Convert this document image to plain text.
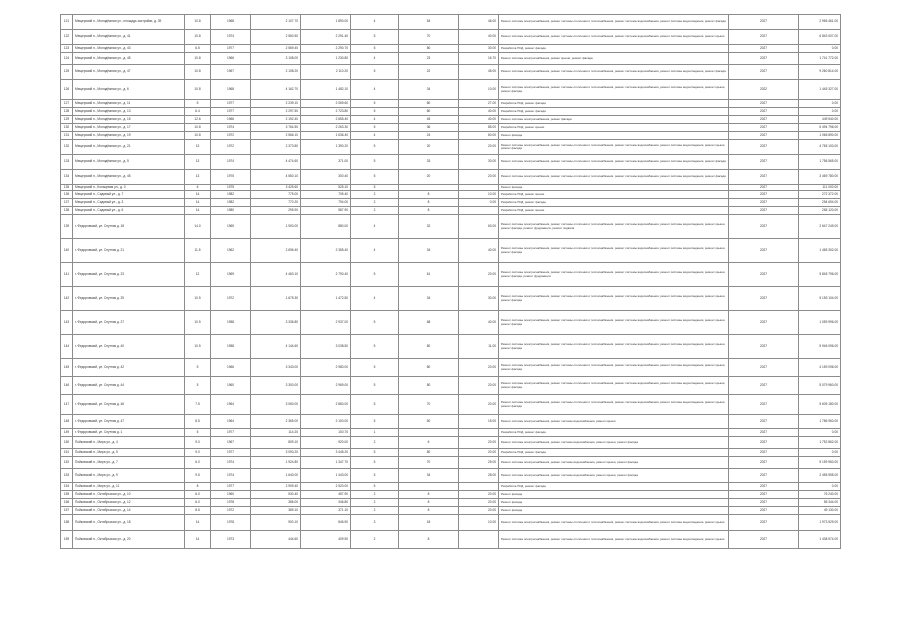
121	Мещерский п., Молодёжная ул., площадь застройки, д. 39	10.8	1968	2 107.70	1 890.00	4	54	46.00	Ремонт системы электроснабжения, ремонт системы отопления и теплоснабжения, ремонт системы водоснабжения, ремонт системы водоотведения, ремонт фасада	2027	2 965 461.00
122	Мещерский п., Молодёжная ул., д. 41	10.8	1974	2 560.50	2 291.40	5	70	40.00	Ремонт системы электроснабжения, ремонт системы отопления и теплоснабжения, ремонт системы водоснабжения, ремонт системы водоотведения, ремонт крыши	2027	6 843 007.00
123	Мещерский п., Молодёжная ул., д. 43	6.5	1977	2 569.40	2 290.70	5	80	30.00	Разработка ПСД, ремонт фасада	2027	0.00
124	Мещерский п., Молодёжная ул., д. 45	10.8	1966	3 108.00	1 230.80	4	23	16.70	Ремонт системы электроснабжения, ремонт крыши, ремонт фасада	2027	1 741 772.00
125	Мещерский п., Молодёжная ул., д. 47	10.8	1967	2 108.20	2 110.20	5	22	45.00	Ремонт системы электроснабжения, ремонт системы отопления и теплоснабжения, ремонт системы водоснабжения, ремонт системы водоотведения, ремонт фасада	2027	9 260 814.00
126	Мещерский п., Молодёжная ул., д. 6	10.8	1968	4 162.70	1 482.10	4	34	10.00	Ремонт системы электроснабжения, ремонт системы отопления и теплоснабжения, ремонт системы водоснабжения, ремонт системы водоотведения, ремонт крыши, ремонт фасада	2022	1 445 327.00
127	Мещерский п., Молодёжная ул., д. 11	5	1977	2 239.10	2 069.60	5	80	27.00	Разработка ПСД, ремонт фасада	2027	0.00
128	Мещерский п., Молодёжная ул., д. 13	6.4	1977	2 297.50	2 723.80	5	80	40.00	Разработка ПСД, ремонт фасада	2027	0.00
129	Мещерский п., Молодёжная ул., д. 15	12.6	1966	2 192.40	2 655.40	4	45	40.00	Ремонт системы электроснабжения, ремонт фасада	2027	449 540.00
130	Мещерский п., Молодёжная ул., д. 17	10.8	1974	3 764.50	2 263.30	5	36	85.00	Разработка ПСД, ремонт крыши	2027	6 494 796.00
131	Мещерский п., Молодёжная ул., д. 19	10.8	1972	2 566.10	1 636.40	4	24	60.00	Ремонт фасада	2027	1 066 890.00
132	Мещерский п., Молодёжная ул., д. 21	13	1972	2 373.80	1 390.20	5	20	20.00	Ремонт системы электроснабжения, ремонт системы отопления и теплоснабжения, ремонт системы водоснабжения, ремонт системы водоотведения, ремонт крыши, ремонт фасада	2027	4 765 100.00
133	Мещерский п., Молодёжная ул., д. 5	13	1974	4 474.60	371.00	5	33	30.00	Ремонт системы электроснабжения, ремонт системы отопления и теплоснабжения, ремонт системы водоснабжения, ремонт системы водоотведения, ремонт фасада	2027	1 756 565.00
134	Мещерский п., Молодёжная ул., д. 45	13	1975	4 560.10	300.40	5	20	20.00	Ремонт системы электроснабжения, ремонт системы отопления и теплоснабжения, ремонт системы водоснабжения, ремонт системы водоотведения, ремонт фасада	2027	3 469 780.00
135	Мещерский п., Кольцевая ул., д. 3	6	1975	3 425.60	525.10	5			Ремонт фасада	2027	111 000.00
136	Мещерский п., Садовый ул., д. 7	14	1982	775.00	705.40	2	8	10.00	Разработка ПСД, ремонт крыши	2027	272 372.00
137	Мещерский п., Садовый ул., д. 3	14	1982	770.20	794.00	2	8	0.00	Разработка ПСД, ремонт фасада	2027	254 694.00
138	Мещерский п., Садовый ул., д. 6	14	1980	295.90	587.90	2	8		Разработка ПСД, ремонт крыши	2027	265 120.00
139	г. Федоровский, ул. Спутник д. 18	14.0	1965	1 900.00	880.00	4	32	63.00	Ремонт системы электроснабжения, ремонт системы отопления и теплоснабжения, ремонт системы водоснабжения, ремонт системы водоотведения, ремонт крыши, ремонт фасада, ремонт фундамента, ремонт подвала	2027	2 647 249.00
140	г. Федоровский, ул. Спутник д. 21	11.5	1962	2 696.40	2 355.40	4	34	40.00	Ремонт системы электроснабжения, ремонт системы отопления и теплоснабжения, ремонт системы водоснабжения, ремонт системы водоотведения, ремонт крыши, ремонт фасада	2027	1 465 302.00
141	г. Федоровский, ул. Спутник д. 23	12	1969	4 463.10	2 790.40	5	61	20.00	Ремонт системы электроснабжения, ремонт системы отопления и теплоснабжения, ремонт системы водоснабжения, ремонт системы водоотведения, ремонт крыши, ремонт фасада, ремонт фундамента	2027	5 845 796.00
142	г. Федоровский, ул. Спутник д. 25	10.5	1972	1 675.30	1 472.50	4	34	30.00	Ремонт системы электроснабжения, ремонт системы отопления и теплоснабжения, ремонт системы водоснабжения, ремонт системы водоотведения, ремонт крыши, ремонт фасада	2027	5 159 104.00
143	г. Федоровский, ул. Спутник д. 27	10.5	1958	3 336.80	2 937.00	5	68	40.00	Ремонт системы электроснабжения, ремонт системы отопления и теплоснабжения, ремонт системы водоснабжения, ремонт системы водоотведения, ремонт крыши, ремонт фасада	2027	1 059 996.00
144	г. Федоровский, ул. Спутник д. 40	10.5	1958	4 144.60	3 038.50	5	80	11.00	Ремонт системы электроснабжения, ремонт системы отопления и теплоснабжения, ремонт системы водоснабжения, ремонт системы водоотведения, ремонт крыши, ремонт фасада	2027	5 946 096.00
145	г. Федоровский, ул. Спутник д. 42	5	1966	3 343.00	2 980.00	5	80	20.00	Ремонт системы электроснабжения, ремонт системы отопления и теплоснабжения, ремонт системы водоснабжения, ремонт системы водоотведения, ремонт крыши, ремонт фасада	2027	4 159 096.00
146	г. Федоровский, ул. Спутник д. 44	5	1960	3 300.00	2 969.00	5	80	20.00	Ремонт системы электроснабжения, ремонт системы отопления и теплоснабжения, ремонт системы водоснабжения, ремонт системы водоотведения, ремонт крыши, ремонт фасада	2027	5 079 960.00
147	г. Федоровский, ул. Спутник д. 46	7.5	1964	3 060.00	2 860.00	5	70	20.00	Ремонт системы электроснабжения, ремонт системы отопления и теплоснабжения, ремонт системы водоснабжения, ремонт системы водоотведения, ремонт крыши, ремонт фасада	2027	5 605 180.00
148	г. Федоровский, ул. Спутник д. 47	8.5	1964	2 365.00	2 100.00	5	50	15.00	Ремонт системы электроснабжения, ремонт системы водоснабжения, ремонт крыши	2027	1 786 960.00
149	г. Федоровский, ул. Спутник д. 1	5	1977	114.20	100.70	1			Разработка ПСД, ремонт фасада	2027	0.00
150	Пойковский п., Мира ул., д. 4	9.0	1967	809.10	920.00	2	6	20.00	Ремонт системы электроснабжения, ремонт системы водоснабжения, ремонт крыши, ремонт фасада	2027	1 752 862.00
151	Пойковский п., Мира ул., д. 5	9.0	1977	3 090.20	3 445.20	5	80	20.00	Разработка ПСД, ремонт фасада	2027	0.00
152	Пойковский п., Мира ул., д. 7	6.0	1974	1 924.80	1 347.70	5	70	25.00	Ремонт системы электроснабжения, ремонт системы водоснабжения, ремонт крыши, ремонт фасада	2027	5 159 960.00
153	Пойковский п., Мира ул., д. 9	9.5	1974	1 640.00	1 443.00	5	34	28.00	Ремонт системы электроснабжения, ремонт системы водоснабжения, ремонт крыши, ремонт фасада	2027	2 455 955.00
154	Пойковский п., Мира ул., д. 11	8	1977	2 909.40	2 520.00	5			Разработка ПСД, ремонт фасада	2027	0.00
155	Пойковский п., Октябрьская ул., д. 10	6.0	1960	530.40	457.90	2	8	20.00	Ремонт фасада	2027	76 240.00
156	Пойковский п., Октябрьская ул., д. 12	6.0	1978	386.00	346.80	2	8	20.00	Ремонт фасада	2027	55 344.00
157	Пойковский п., Октябрьская ул., д. 14	8.5	1972	389.10	371.10	2	8	20.00	Ремонт фасада	2027	49 130.00
158	Пойковский п., Октябрьская ул., д. 18	14	1978	900.10	846.90	3	18	10.00	Ремонт системы электроснабжения, ремонт системы отопления и теплоснабжения, ремонт системы водоснабжения, ремонт системы водоотведения, ремонт крыши	2027	1 973 529.00
159	Пойковский п., Октябрьская ул., д. 20	14	1973	444.60	409.90	2	8		Ремонт системы электроснабжения, ремонт системы отопления и теплоснабжения, ремонт системы водоснабжения, ремонт системы водоотведения, ремонт крыши	2027	1 438 574.00
